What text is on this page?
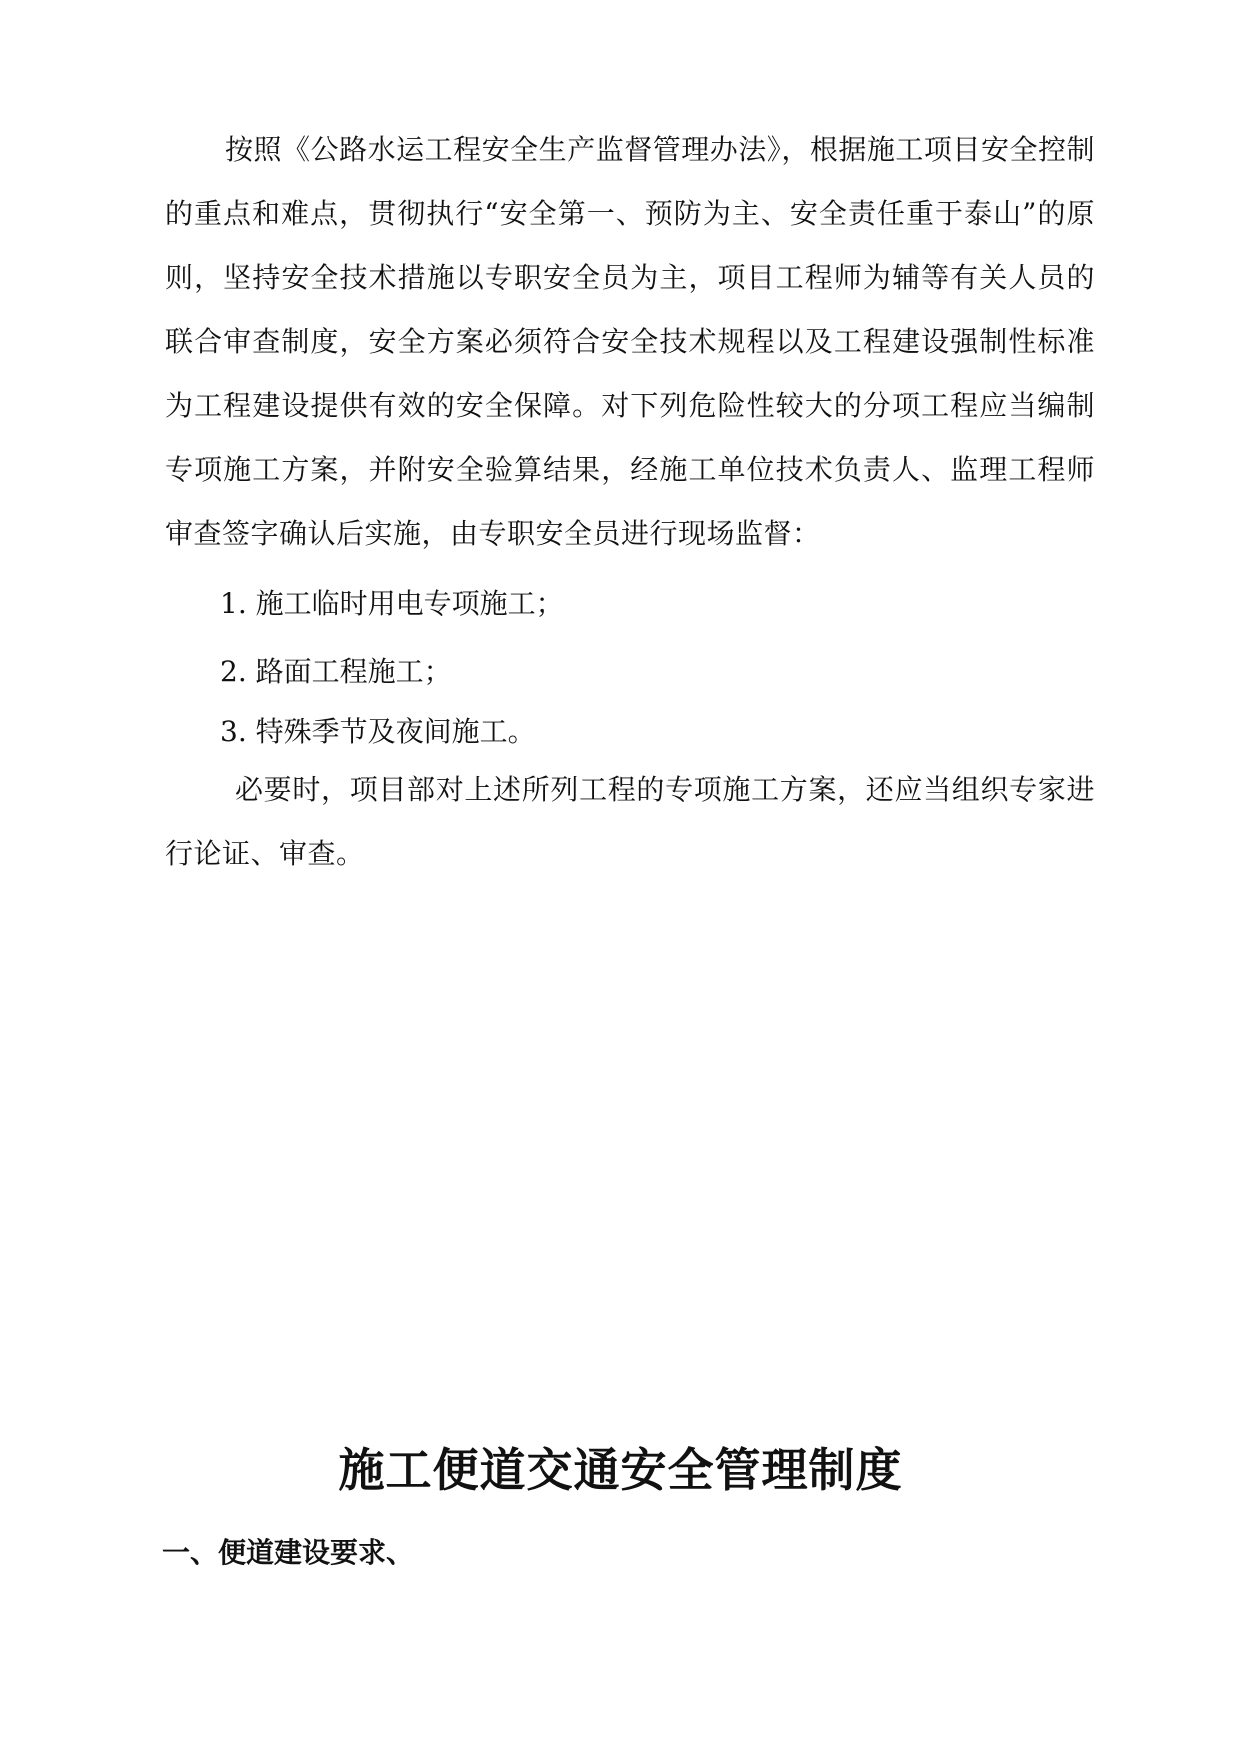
按照《公路水运工程安全生产监督管理办法》，根据施工项目安全控制的重点和难点，贯彻执行“安全第一、预防为主、安全责任重于泰山”的原则，坚持安全技术措施以专职安全员为主，项目工程师为辅等有关人员的联合审查制度，安全方案必须符合安全技术规程以及工程建设强制性标准为工程建设提供有效的安全保障。对下列危险性较大的分项工程应当编制专项施工方案，并附安全验算结果，经施工单位技术负责人、监理工程师审查签字确认后实施，由专职安全员进行现场监督：

1. 施工临时用电专项施工；
2. 路面工程施工；
3. 特殊季节及夜间施工。

必要时，项目部对上述所列工程的专项施工方案，还应当组织专家进行论证、审查。

施工便道交通安全管理制度
一、便道建设要求、
